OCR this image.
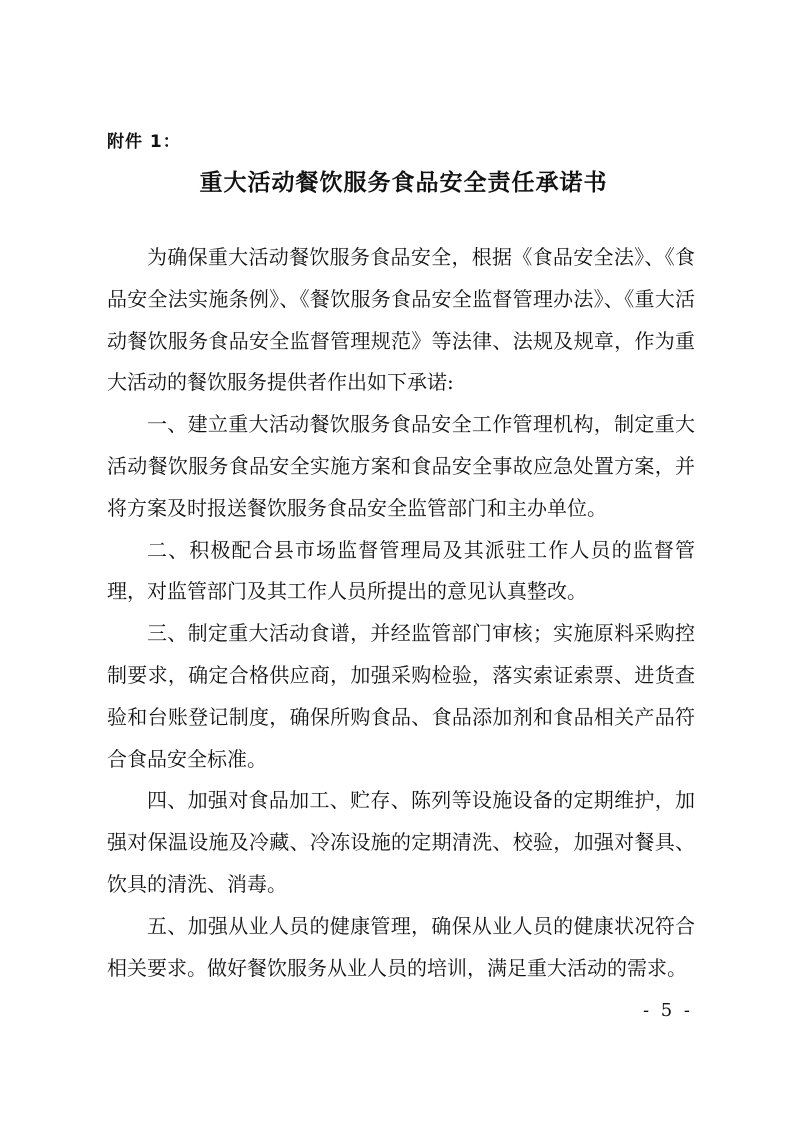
附件 1：
重大活动餐饮服务食品安全责任承诺书

为确保重大活动餐饮服务食品安全，根据《食品安全法》、《食品安全法实施条例》、《餐饮服务食品安全监督管理办法》、《重大活动餐饮服务食品安全监督管理规范》等法律、法规及规章，作为重大活动的餐饮服务提供者作出如下承诺:

一、建立重大活动餐饮服务食品安全工作管理机构，制定重大活动餐饮服务食品安全实施方案和食品安全事故应急处置方案，并将方案及时报送餐饮服务食品安全监管部门和主办单位。

二、积极配合县市场监督管理局及其派驻工作人员的监督管理，对监管部门及其工作人员所提出的意见认真整改。

三、制定重大活动食谱，并经监管部门审核；实施原料采购控制要求，确定合格供应商，加强采购检验，落实索证索票、进货查验和台账登记制度，确保所购食品、食品添加剂和食品相关产品符合食品安全标准。

四、加强对食品加工、贮存、陈列等设施设备的定期维护，加强对保温设施及冷藏、冷冻设施的定期清洗、校验，加强对餐具、饮具的清洗、消毒。

五、加强从业人员的健康管理，确保从业人员的健康状况符合相关要求。做好餐饮服务从业人员的培训，满足重大活动的需求。

- 5 -
